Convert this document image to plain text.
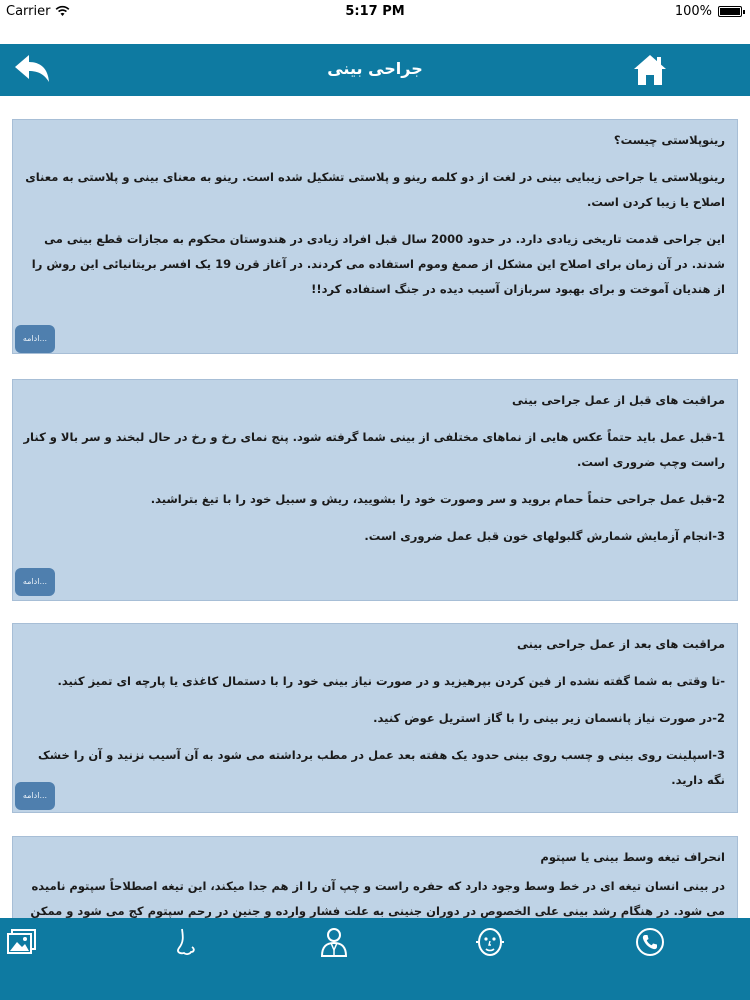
Carrier	5:17 PM	100%
جراحی بینی
رینوپلاستی چیست؟
رینوپلاستی یا جراحی زیبایی بینی در لغت از دو کلمه رینو و پلاستی تشکیل شده است. رینو به معنای بینی و پلاستی به معنای اصلاح یا زیبا کردن است.
این جراحی قدمت تاریخی زیادی دارد. در حدود 2000 سال قبل افراد زیادی در هندوستان محکوم به مجازات قطع بینی می شدند. در آن زمان برای اصلاح این مشکل از صمغ وموم استفاده می کردند. در آغاز قرن 19 یک افسر بریتانیائی این روش را از هندیان آموخت و برای بهبود سربازان آسیب دیده در جنگ استفاده کرد!!
ادامه...
مراقبت های قبل از عمل جراحی بینی
1-قبل عمل باید حتماً عکس هایی از نماهای مختلفی از بینی شما گرفته شود. پنج نمای رخ و رخ در حال لبخند و سر بالا و کنار راست وچپ ضروری است.
2-قبل عمل جراحی حتماً حمام بروید و سر وصورت خود را بشویید، ریش و سبیل خود را با تیغ بتراشید.
3-انجام آزمایش شمارش گلبولهای خون قبل عمل ضروری است.
ادامه...
مراقبت های بعد از عمل جراحی بینی
-تا وقتی به شما گفته نشده از فین کردن بپرهیزید و در صورت نیاز بینی خود را با دستمال کاغذی یا پارچه ای تمیز کنید.
2-در صورت نیاز پانسمان زیر بینی را با گاز استریل عوض کنید.
3-اسپلینت روی بینی و چسب روی بینی حدود یک هفته بعد عمل در مطب برداشته می شود به آن آسیب نزنید و آن را خشک نگه دارید.
ادامه...
انحراف تیغه وسط بینی یا سپتوم
در بینی انسان تیغه ای در خط وسط وجود دارد که حفره راست و چپ آن را از هم جدا میکند، این تیغه اصطلاحاً سپتوم نامیده می شود. در هنگام رشد بینی علی الخصوص در دوران جنینی به علت فشار وارده و جنین در رحم سپتوم کج می شود و ممکن
